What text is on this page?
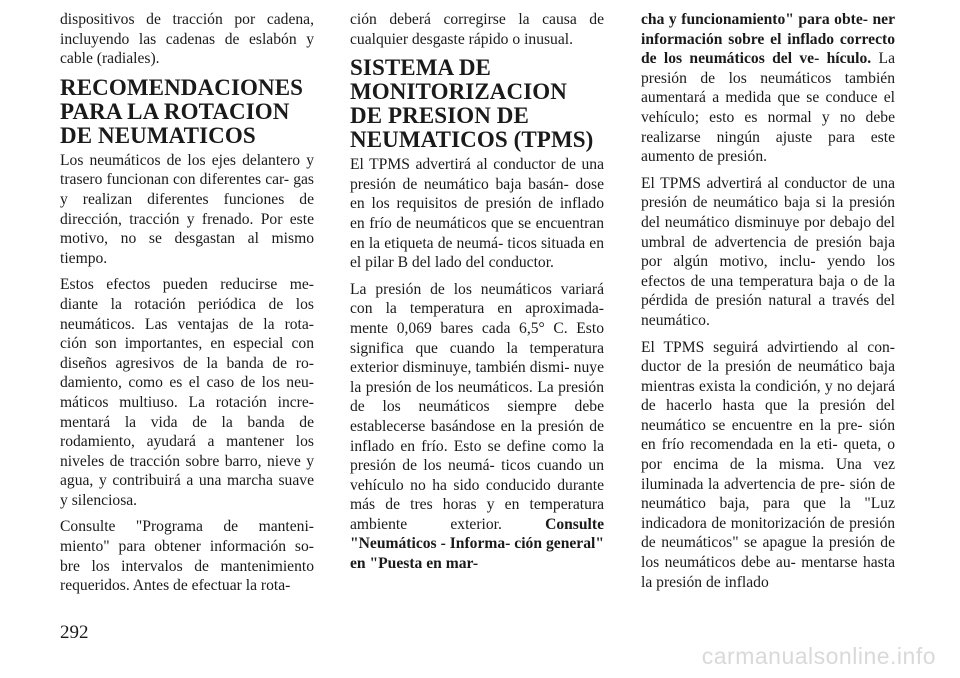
dispositivos de tracción por cadena, incluyendo las cadenas de eslabón y cable (radiales).

RECOMENDACIONES PARA LA ROTACION DE NEUMATICOS

Los neumáticos de los ejes delantero y trasero funcionan con diferentes car- gas y realizan diferentes funciones de dirección, tracción y frenado. Por este motivo, no se desgastan al mismo tiempo.

Estos efectos pueden reducirse me- diante la rotación periódica de los neumáticos. Las ventajas de la rota- ción son importantes, en especial con diseños agresivos de la banda de ro- damiento, como es el caso de los neu- máticos multiuso. La rotación incre- mentará la vida de la banda de rodamiento, ayudará a mantener los niveles de tracción sobre barro, nieve y agua, y contribuirá a una marcha suave y silenciosa.

Consulte "Programa de manteni- miento" para obtener información so- bre los intervalos de mantenimiento requeridos. Antes de efectuar la rota-

ción deberá corregirse la causa de cualquier desgaste rápido o inusual.

SISTEMA DE MONITORIZACION DE PRESION DE NEUMATICOS (TPMS)

El TPMS advertirá al conductor de una presión de neumático baja basán- dose en los requisitos de presión de inflado en frío de neumáticos que se encuentran en la etiqueta de neumá- ticos situada en el pilar B del lado del conductor.

La presión de los neumáticos variará con la temperatura en aproximada- mente 0,069 bares cada 6,5° C. Esto significa que cuando la temperatura exterior disminuye, también dismi- nuye la presión de los neumáticos. La presión de los neumáticos siempre debe establecerse basándose en la presión de inflado en frío. Esto se define como la presión de los neumá- ticos cuando un vehículo no ha sido conducido durante más de tres horas y en temperatura ambiente exterior.	Consulte "Neumáticos - Informa- ción general" en "Puesta en mar-

cha y funcionamiento" para obte- ner información sobre el inflado correcto de los neumáticos del ve- hículo. La presión de los neumáticos también aumentará a medida que se conduce el vehículo; esto es normal y no debe realizarse ningún ajuste para este aumento de presión.

El TPMS advertirá al conductor de una presión de neumático baja si la presión del neumático disminuye por debajo del umbral de advertencia de presión baja por algún motivo, inclu- yendo los efectos de una temperatura baja o de la pérdida de presión natural a través del neumático.

El TPMS seguirá advirtiendo al con- ductor de la presión de neumático baja mientras exista la condición, y no dejará de hacerlo hasta que la presión del neumático se encuentre en la pre- sión en frío recomendada en la eti- queta, o por encima de la misma. Una vez iluminada la advertencia de pre- sión de neumático baja, para que la "Luz indicadora de monitorización de presión de neumáticos" se apague la presión de los neumáticos debe au- mentarse hasta la presión de inflado

292
carmanualsonline.info
